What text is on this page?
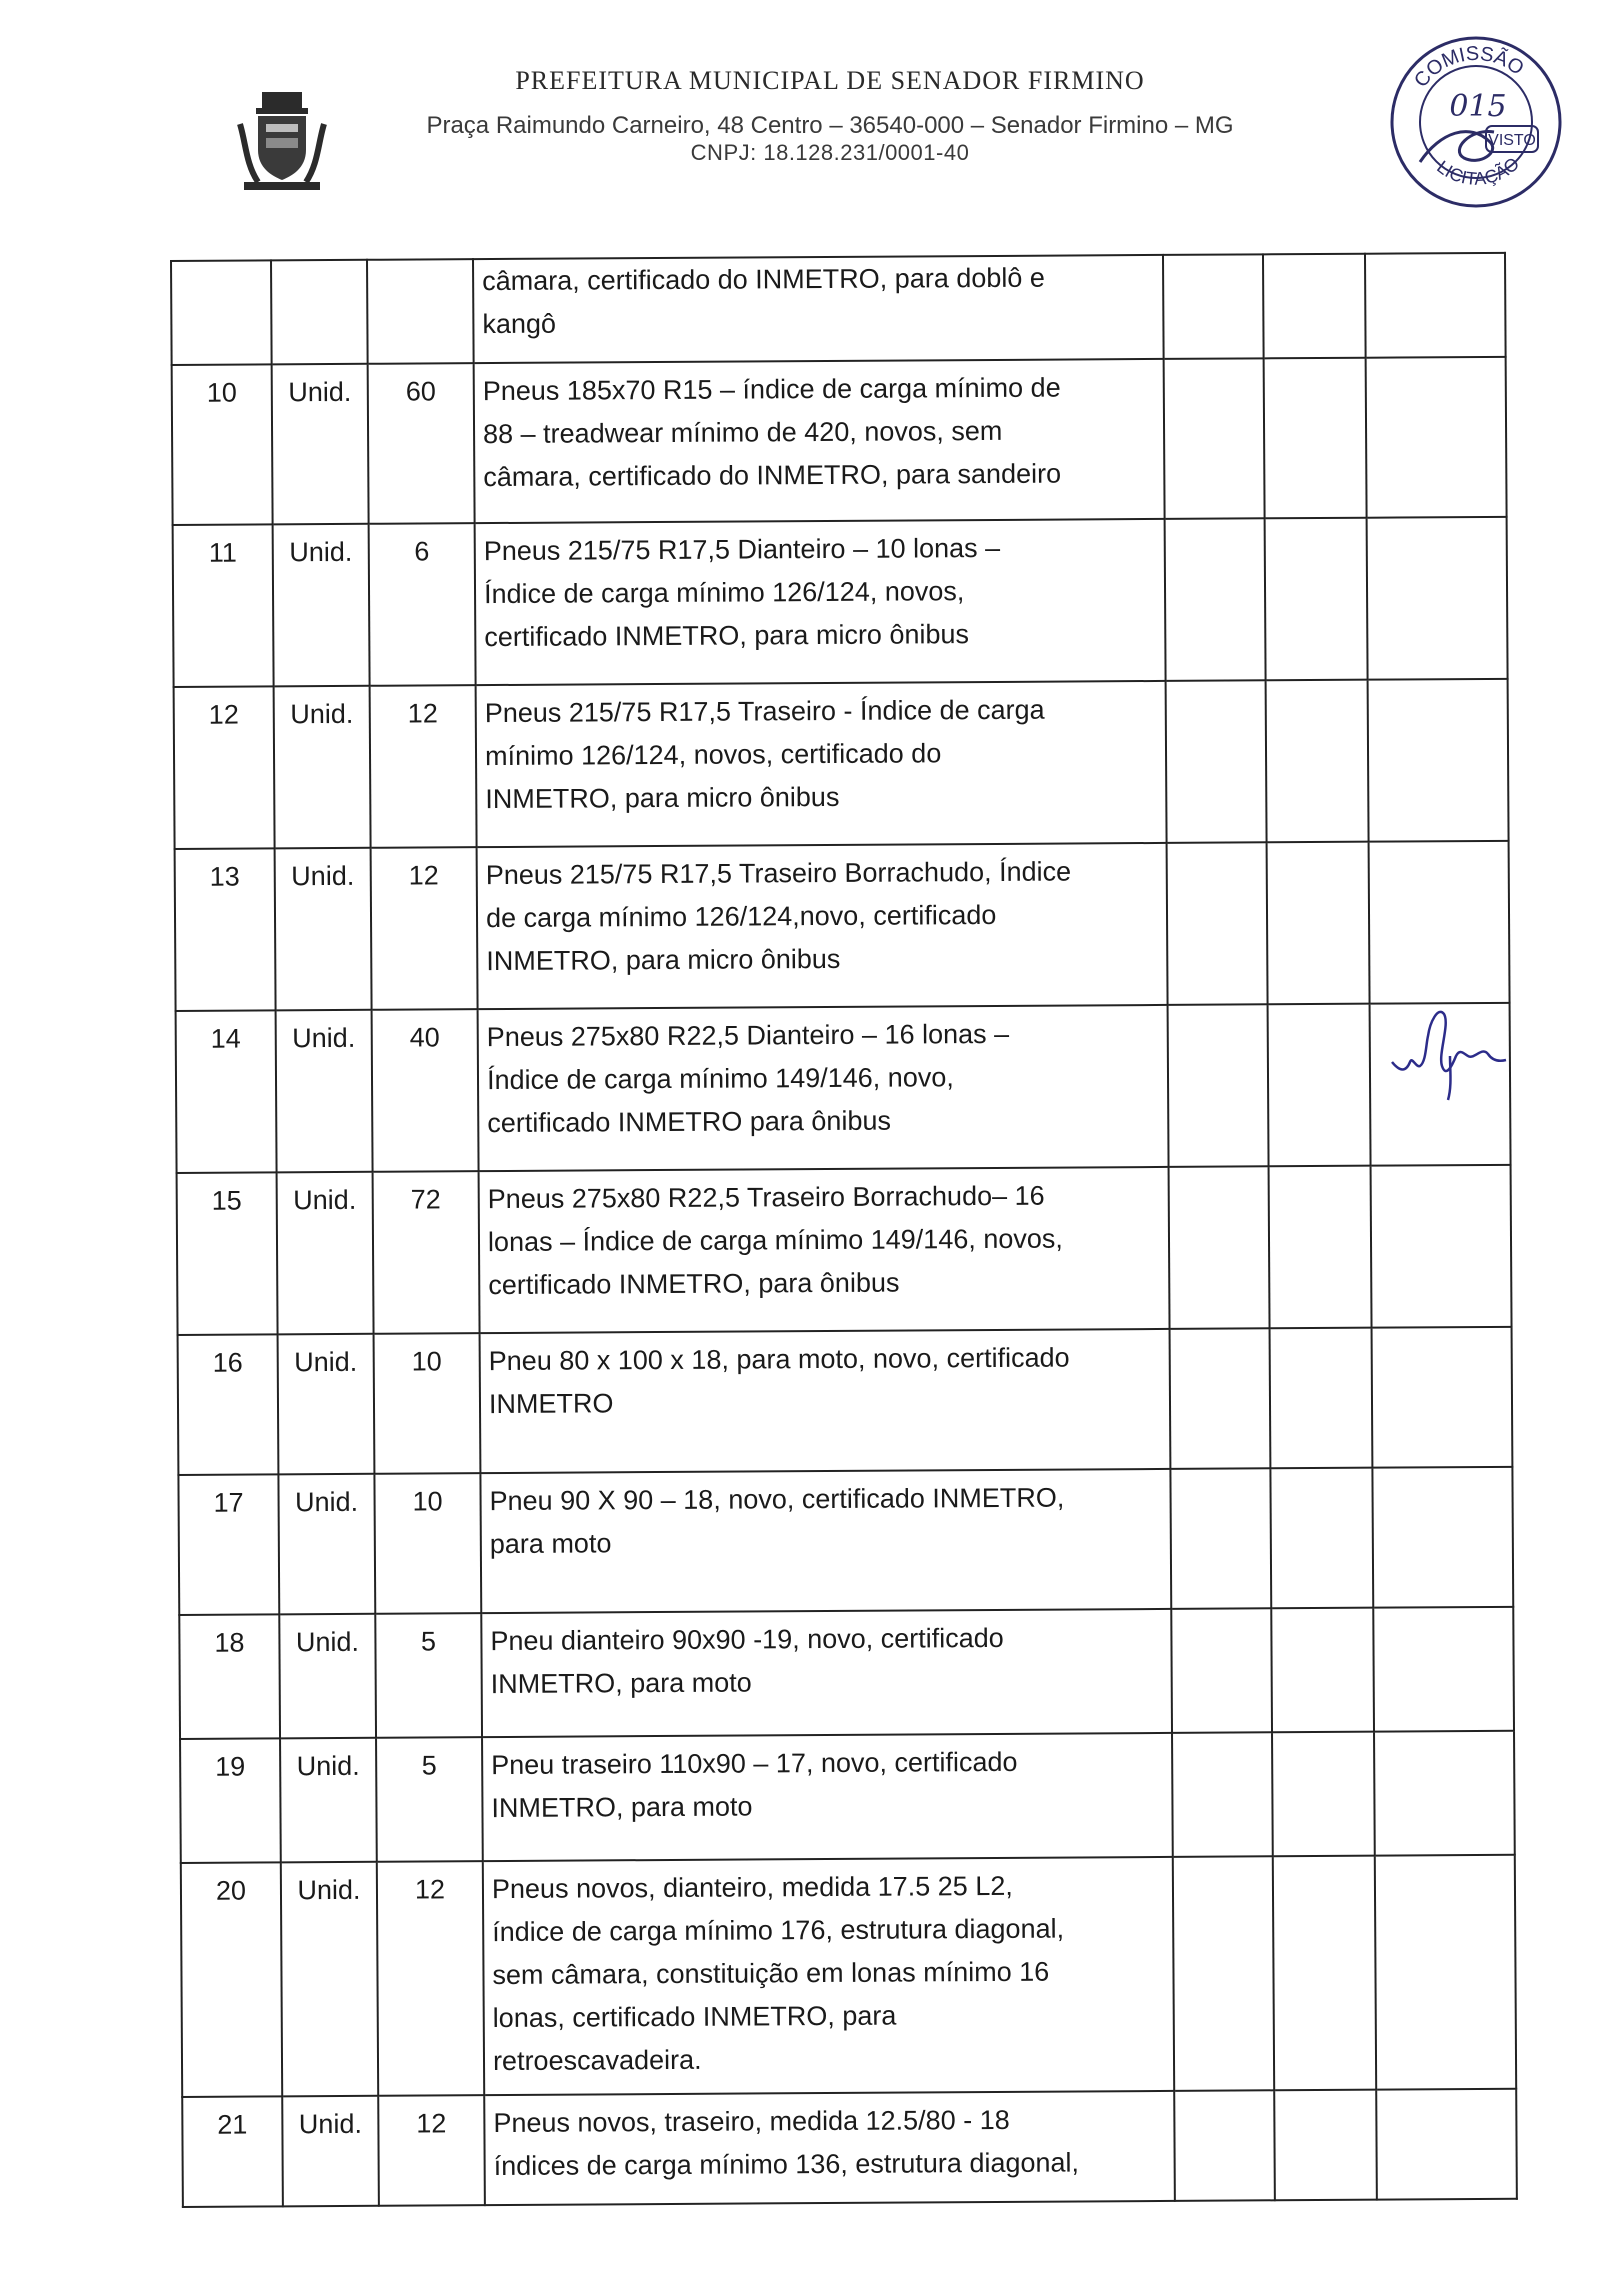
PREFEITURA MUNICIPAL DE SENADOR FIRMINO
Praça Raimundo Carneiro, 48 Centro – 36540-000 – Senador Firmino – MG
CNPJ: 18.128.231/0001-40
COMISSÃO
LICITAÇÃO
015
VISTO

			câmara, certificado do INMETRO, para doblô e
kangô			

10	Unid.	60	Pneus 185x70 R15 – índice de carga mínimo de
88 – treadwear mínimo de 420, novos, sem
câmara, certificado do INMETRO, para sandeiro			

11	Unid.	6	Pneus 215/75 R17,5 Dianteiro – 10 lonas –
Índice de carga mínimo 126/124, novos,
certificado INMETRO, para micro ônibus			

12	Unid.	12	Pneus 215/75 R17,5 Traseiro - Índice de carga
mínimo 126/124, novos, certificado do
INMETRO, para micro ônibus			

13	Unid.	12	Pneus 215/75 R17,5 Traseiro Borrachudo, Índice
de carga mínimo 126/124,novo, certificado
INMETRO, para micro ônibus			

14	Unid.	40	Pneus 275x80 R22,5 Dianteiro – 16 lonas –
Índice de carga mínimo 149/146, novo,
certificado INMETRO para ônibus			

15	Unid.	72	Pneus 275x80 R22,5 Traseiro Borrachudo– 16
lonas – Índice de carga mínimo 149/146, novos,
certificado INMETRO, para ônibus			

16	Unid.	10	Pneu 80 x 100 x 18, para moto, novo, certificado
INMETRO			

17	Unid.	10	Pneu 90 X 90 – 18, novo, certificado INMETRO,
para moto			

18	Unid.	5	Pneu dianteiro 90x90 -19, novo, certificado
INMETRO, para moto			

19	Unid.	5	Pneu traseiro 110x90 – 17, novo, certificado
INMETRO, para moto			

20	Unid.	12	Pneus novos, dianteiro, medida 17.5 25 L2,
índice de carga mínimo 176, estrutura diagonal,
sem câmara, constituição em lonas mínimo 16
lonas, certificado INMETRO, para
retroescavadeira.			

21	Unid.	12	Pneus novos, traseiro, medida 12.5/80 - 18
índices de carga mínimo 136, estrutura diagonal,			
